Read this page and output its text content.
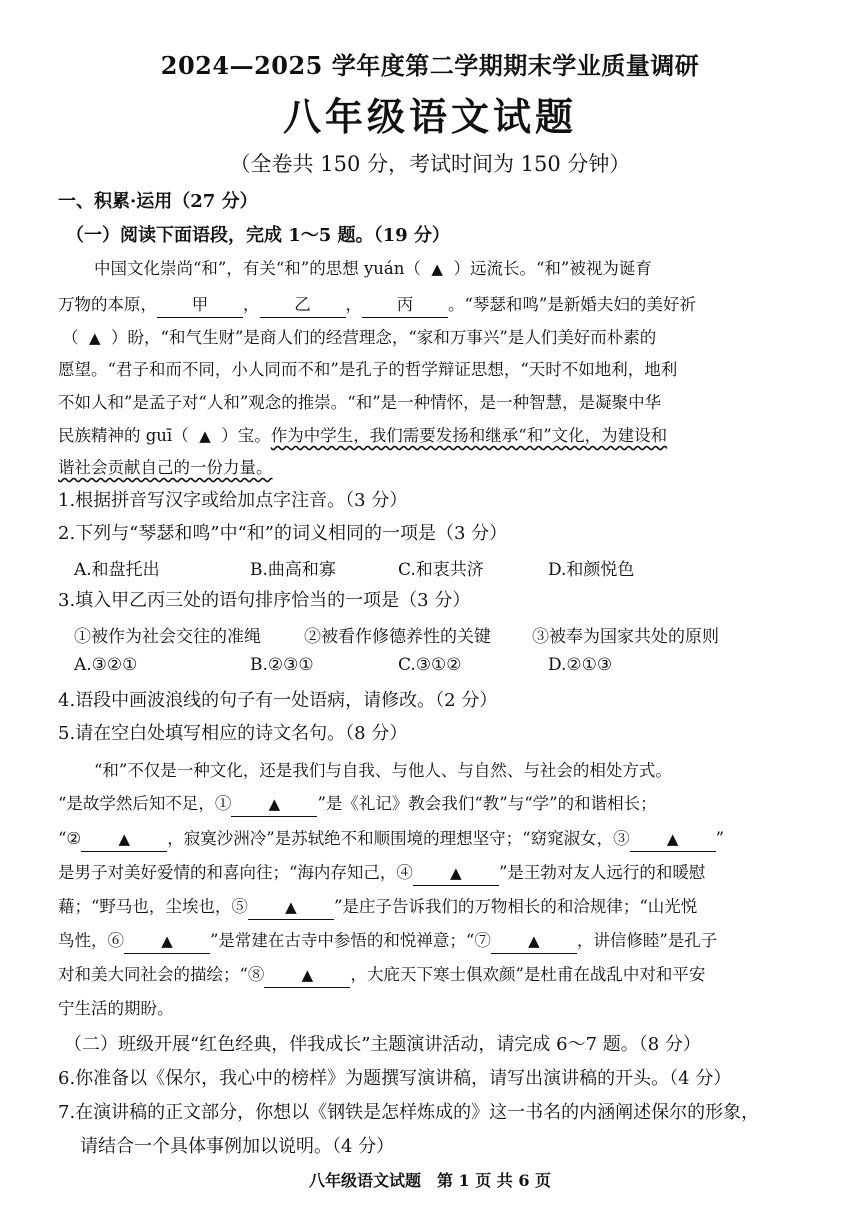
2024—2025 学年度第二学期期末学业质量调研
八年级语文试题
（全卷共 150 分，考试时间为 150 分钟）
一、积累·运用（27 分）
（一）阅读下面语段，完成 1～5 题。（19 分）
中国文化崇尚“和”，有关“和”的思想 yuán（ ▲ ）远流长。“和”被视为诞育
万物的本原， 甲 ， 乙 ， 丙 。“琴瑟和鸣”是新婚夫妇的美好祈
（ ▲ ）盼，“和气生财”是商人们的经营理念，“家和万事兴”是人们美好而朴素的
愿望。“君子和而不同，小人同而不和”是孔子的哲学辩证思想，“天时不如地利，地利
不如人和”是孟子对“人和”观念的推崇。“和”是一种情怀，是一种智慧，是凝聚中华
民族精神的 guī（ ▲ ）宝。作为中学生，我们需要发扬和继承“和”文化，为建设和
谐社会贡献自己的一份力量。
1.根据拼音写汉字或给加点字注音。（3 分）
2.下列与“琴瑟和鸣”中“和”的词义相同的一项是（3 分）
A.和盘托出	B.曲高和寡	C.和衷共济	D.和颜悦色
3.填入甲乙丙三处的语句排序恰当的一项是（3 分）
①被作为社会交往的准绳	②被看作修德养性的关键 ③被奉为国家共处的原则
A.③②①	B.②③①	C.③①②	D.②①③
4.语段中画波浪线的句子有一处语病，请修改。（2 分）
5.请在空白处填写相应的诗文名句。（8 分）
“和”不仅是一种文化，还是我们与自我、与他人、与自然、与社会的相处方式。
“是故学然后知不足，① ▲ ”是《礼记》教会我们“教”与“学”的和谐相长；
“② ▲ ，寂寞沙洲冷”是苏轼绝不和顺围境的理想坚守；“窈窕淑女，③ ▲ ”
是男子对美好爱情的和喜向往；“海内存知己，④ ▲ ”是王勃对友人远行的和暖慰
藉；“野马也，尘埃也，⑤ ▲ ”是庄子告诉我们的万物相长的和洽规律；“山光悦
鸟性，⑥ ▲ ”是常建在古寺中参悟的和悦禅意；“⑦ ▲ ，讲信修睦”是孔子
对和美大同社会的描绘；“⑧ ▲ ，大庇天下寒士俱欢颜”是杜甫在战乱中对和平安
宁生活的期盼。
（二）班级开展“红色经典，伴我成长”主题演讲活动，请完成 6～7 题。（8 分）
6.你准备以《保尔，我心中的榜样》为题撰写演讲稿，请写出演讲稿的开头。（4 分）
7.在演讲稿的正文部分，你想以《钢铁是怎样炼成的》这一书名的内涵阐述保尔的形象，
请结合一个具体事例加以说明。（4 分）
八年级语文试题　第 1 页 共 6 页
